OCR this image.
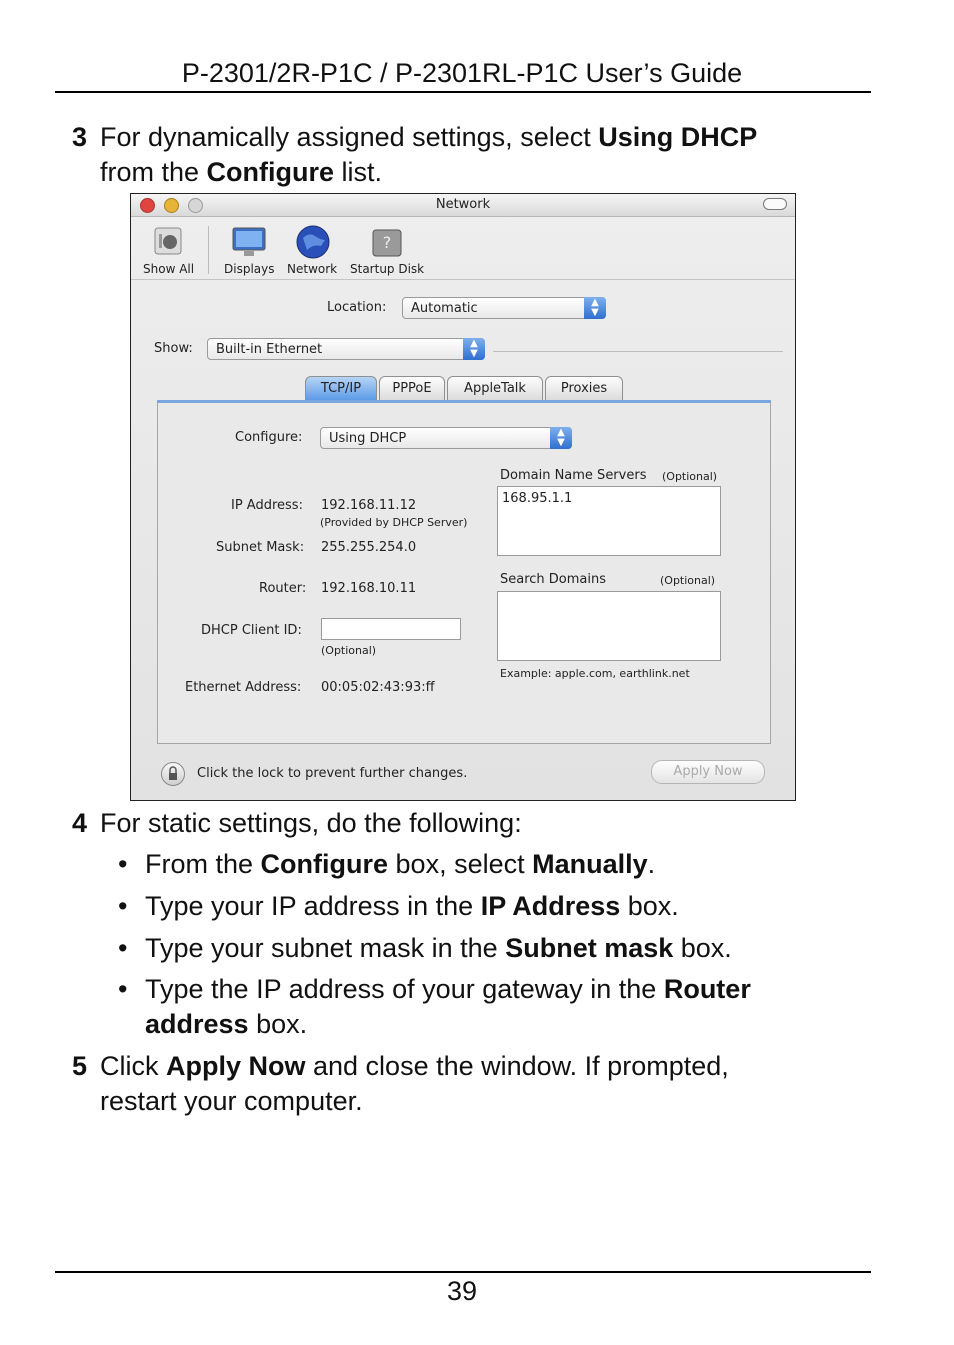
P-2301/2R-P1C / P-2301RL-P1C User’s Guide
3 For dynamically assigned settings, select Using DHCP
from the Configure list.
Network
Show All Displays Network
?
Startup Disk
Location:	Automatic	▲
▼
Show:	Built-in Ethernet	▲
▼
TCP/IP	PPPoE	AppleTalk	Proxies
Configure:	Using DHCP	▲
▼
IP Address: 192.168.11.12
(Provided by DHCP Server)
Subnet Mask: 255.255.254.0
Router: 192.168.10.11
DHCP Client ID:
(Optional)
Ethernet Address: 00:05:02:43:93:ff
Domain Name Servers (Optional)
168.95.1.1
Search Domains	(Optional)
Example: apple.com, earthlink.net
Click the lock to prevent further changes.	Apply Now
4 For static settings, do the following:
• From the Configure box, select Manually.
• Type your IP address in the IP Address box.
• Type your subnet mask in the Subnet mask box.
• Type the IP address of your gateway in the Router
address box.
5 Click Apply Now and close the window. If prompted,
restart your computer.
39
